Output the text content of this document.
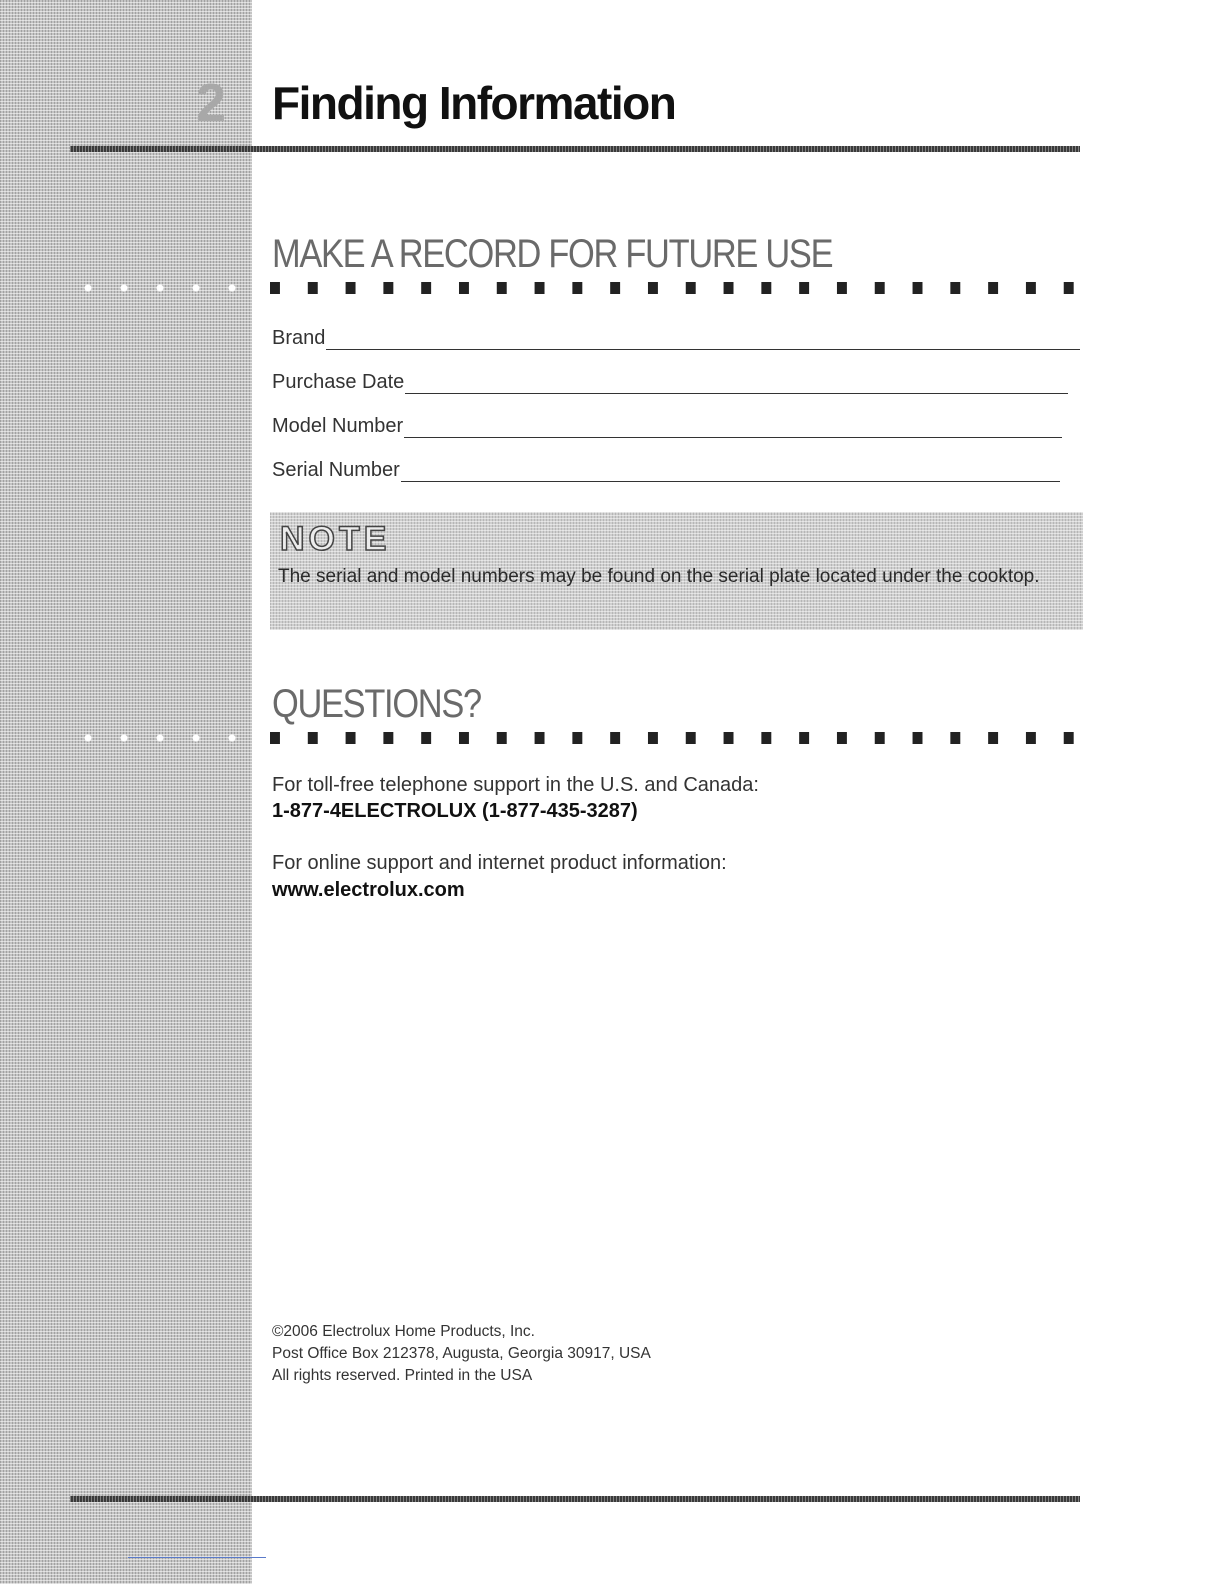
2	Finding Information
MAKE A RECORD FOR FUTURE USE
Brand
Purchase Date
Model Number
Serial Number
NOTE
The serial and model numbers may be found on the serial plate located under the cooktop.
QUESTIONS?
For toll-free telephone support in the U.S. and Canada:
1-877-4ELECTROLUX (1-877-435-3287)
For online support and internet product information:
www.electrolux.com
©2006 Electrolux Home Products, Inc.
Post Office Box 212378, Augusta, Georgia 30917, USA
All rights reserved. Printed in the USA
